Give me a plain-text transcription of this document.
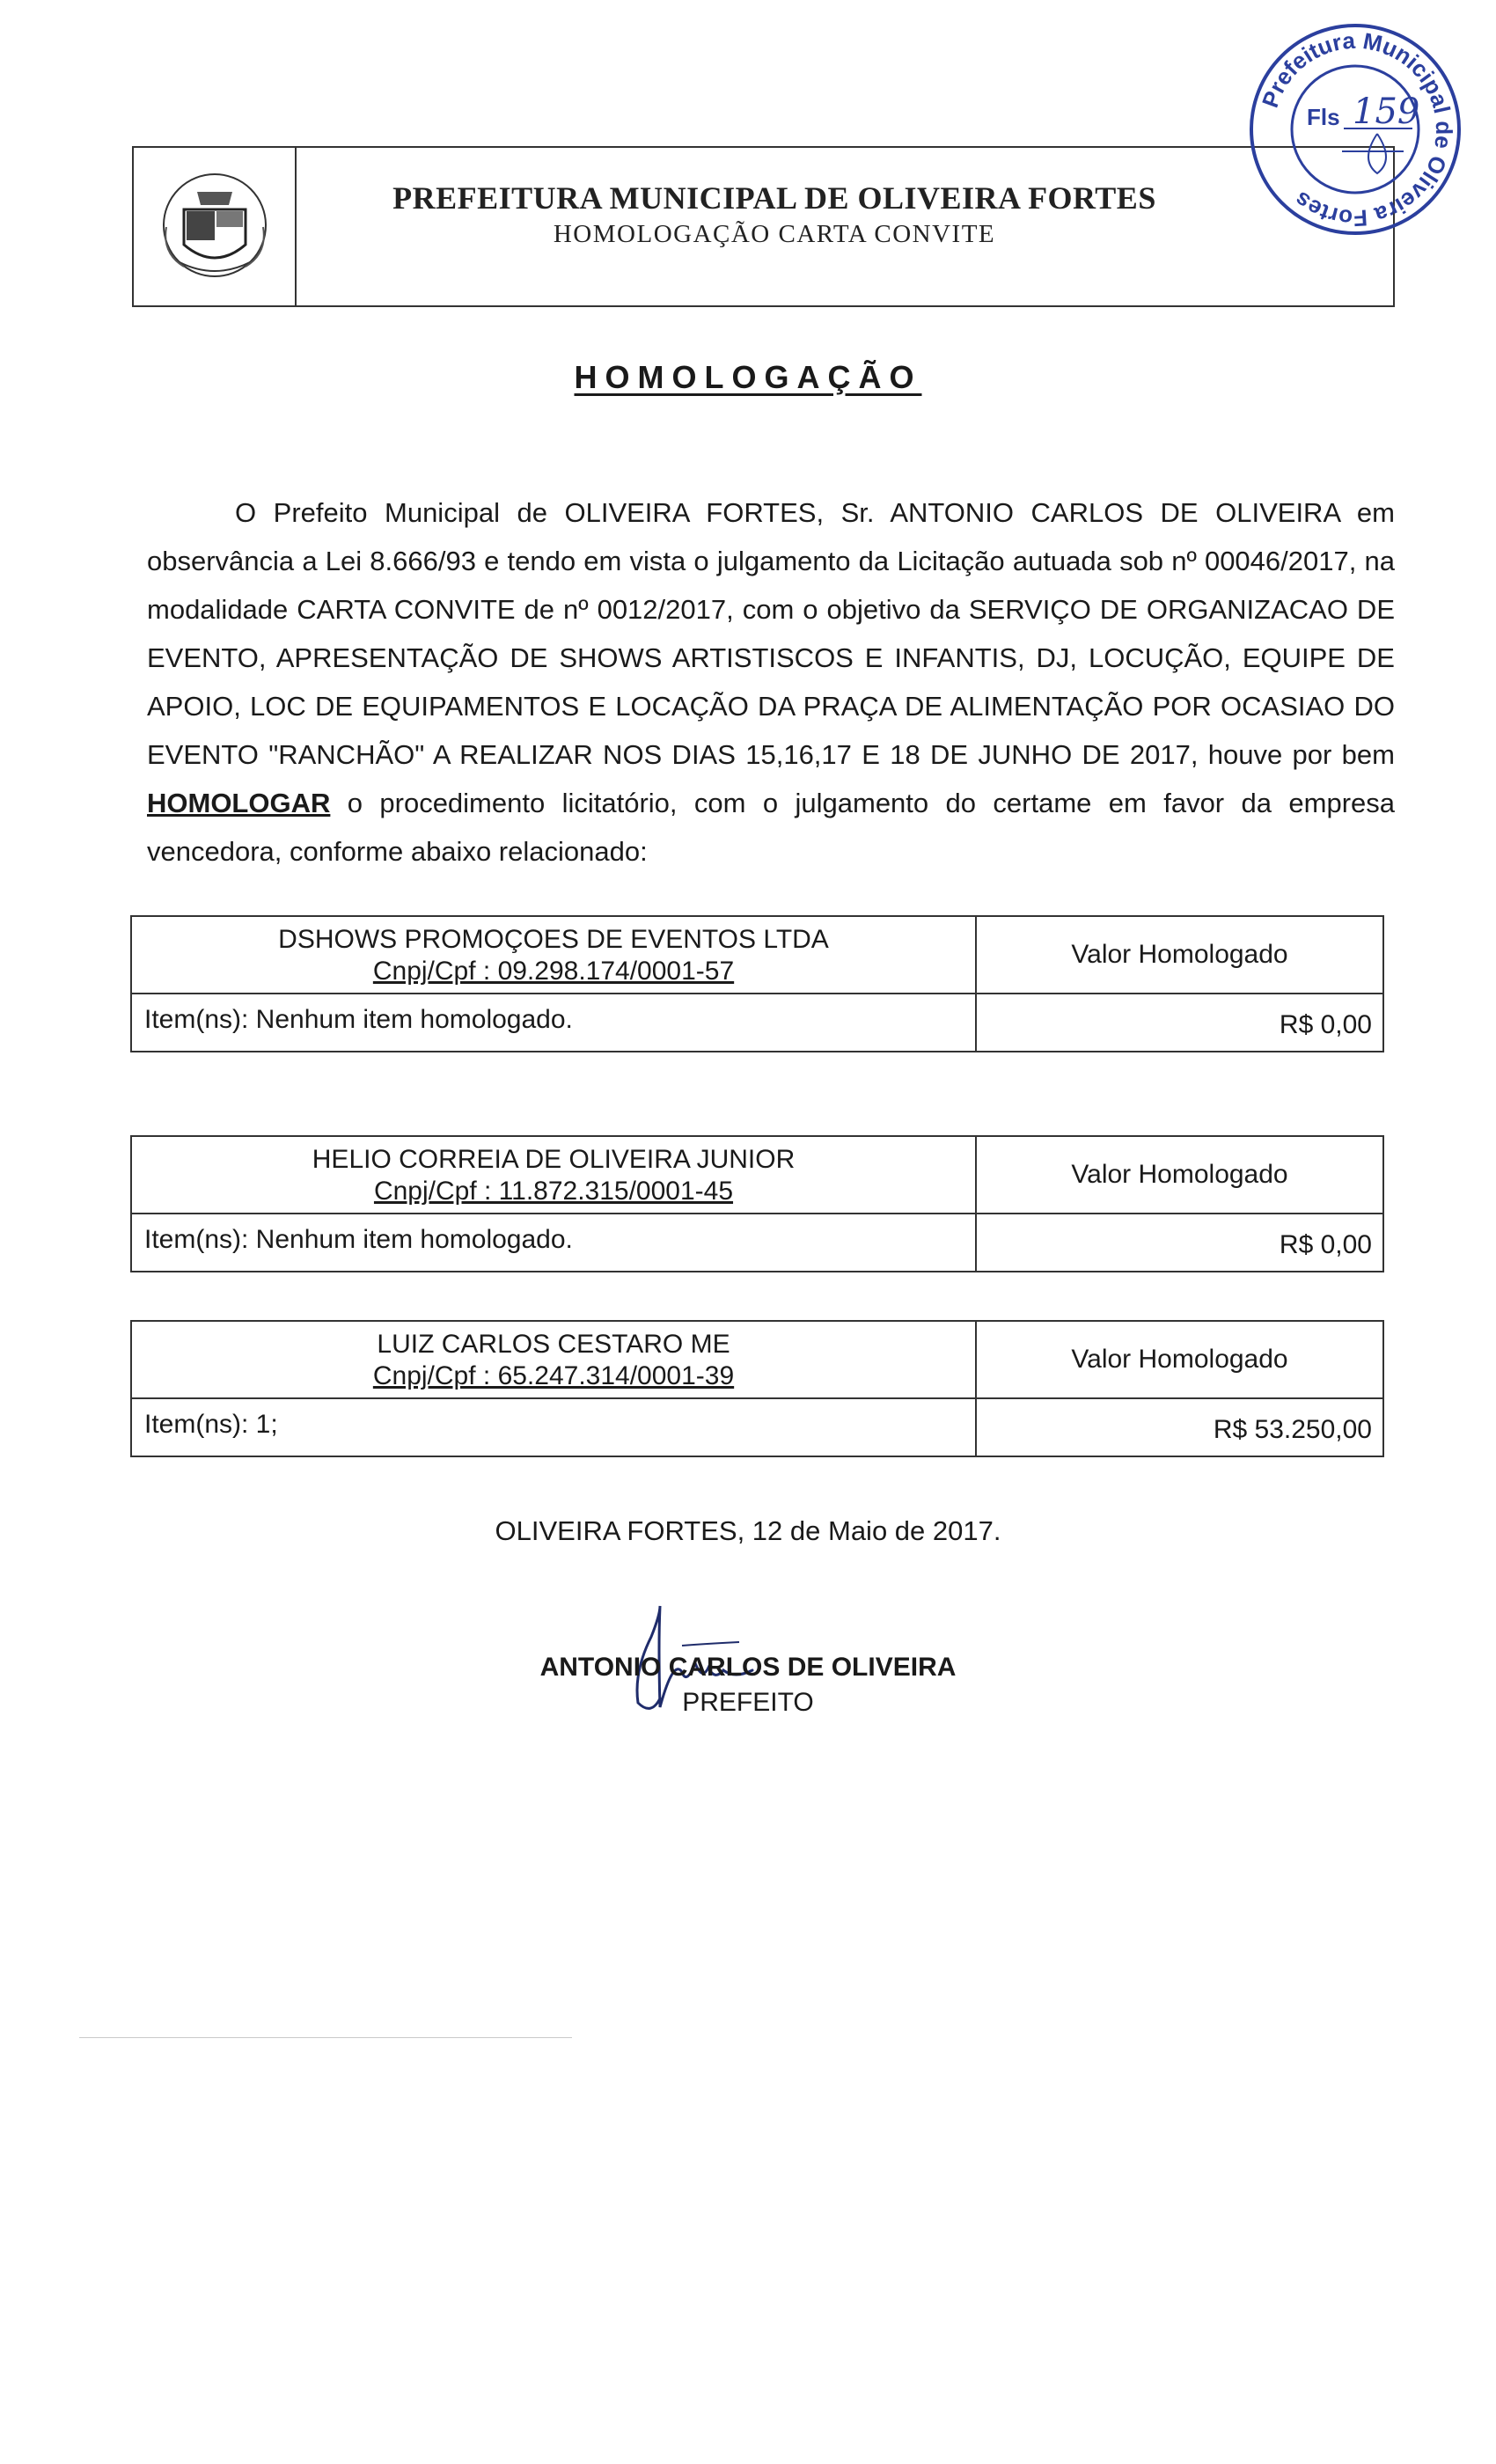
PREFEITURA MUNICIPAL DE OLIVEIRA FORTES
HOMOLOGAÇÃO CARTA CONVITE
Prefeitura Municipal de Oliveira Fortes
Fls 159
HOMOLOGAÇÃO

O Prefeito Municipal de OLIVEIRA FORTES, Sr. ANTONIO CARLOS DE OLIVEIRA em observância a Lei 8.666/93 e tendo em vista o julgamento da Licitação autuada sob nº 00046/2017, na modalidade CARTA CONVITE de nº 0012/2017, com o objetivo da SERVIÇO DE ORGANIZACAO DE EVENTO, APRESENTAÇÃO DE SHOWS ARTISTISCOS E INFANTIS, DJ, LOCUÇÃO, EQUIPE DE APOIO, LOC DE EQUIPAMENTOS E LOCAÇÃO DA PRAÇA DE ALIMENTAÇÃO POR OCASIAO DO EVENTO "RANCHÃO" A REALIZAR NOS DIAS 15,16,17 E 18 DE JUNHO DE 2017, houve por bem HOMOLOGAR o procedimento licitatório, com o julgamento do certame em favor da empresa vencedora, conforme abaixo relacionado:

DSHOWS PROMOÇOES DE EVENTOS LTDA
Cnpj/Cpf : 09.298.174/0001-57
Item(ns): Nenhum item homologado.
Valor Homologado
R$ 0,00
HELIO CORREIA DE OLIVEIRA JUNIOR
Cnpj/Cpf : 11.872.315/0001-45
Item(ns): Nenhum item homologado.
Valor Homologado
R$ 0,00
LUIZ CARLOS CESTARO ME
Cnpj/Cpf : 65.247.314/0001-39
Item(ns): 1;
Valor Homologado
R$ 53.250,00
OLIVEIRA FORTES, 12 de Maio de 2017.
ANTONIO CARLOS DE OLIVEIRA
PREFEITO
